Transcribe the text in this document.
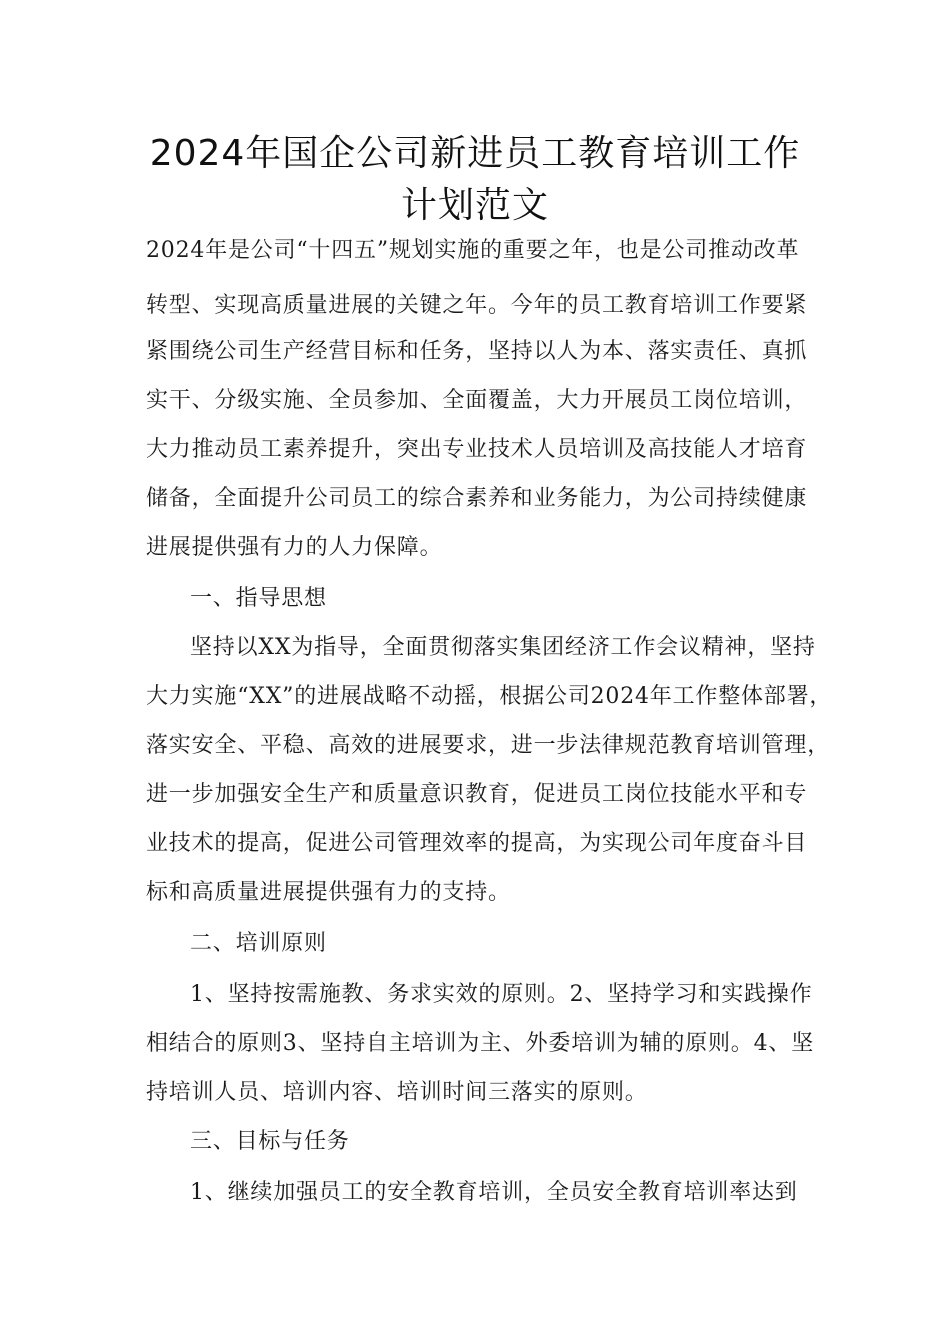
2024年国企公司新进员工教育培训工作
计划范文
2024年是公司“十四五”规划实施的重要之年，也是公司推动改革
转型、实现高质量进展的关键之年。今年的员工教育培训工作要紧
紧围绕公司生产经营目标和任务，坚持以人为本、落实责任、真抓
实干、分级实施、全员参加、全面覆盖，大力开展员工岗位培训，
大力推动员工素养提升，突出专业技术人员培训及高技能人才培育
储备，全面提升公司员工的综合素养和业务能力，为公司持续健康
进展提供强有力的人力保障。
一、指导思想
坚持以XX为指导，全面贯彻落实集团经济工作会议精神，坚持
大力实施“XX”的进展战略不动摇，根据公司2024年工作整体部署，
落实安全、平稳、高效的进展要求，进一步法律规范教育培训管理，
进一步加强安全生产和质量意识教育，促进员工岗位技能水平和专
业技术的提高，促进公司管理效率的提高，为实现公司年度奋斗目
标和高质量进展提供强有力的支持。
二、培训原则
1、坚持按需施教、务求实效的原则。2、坚持学习和实践操作
相结合的原则3、坚持自主培训为主、外委培训为辅的原则。4、坚
持培训人员、培训内容、培训时间三落实的原则。
三、目标与任务
1、继续加强员工的安全教育培训，全员安全教育培训率达到
